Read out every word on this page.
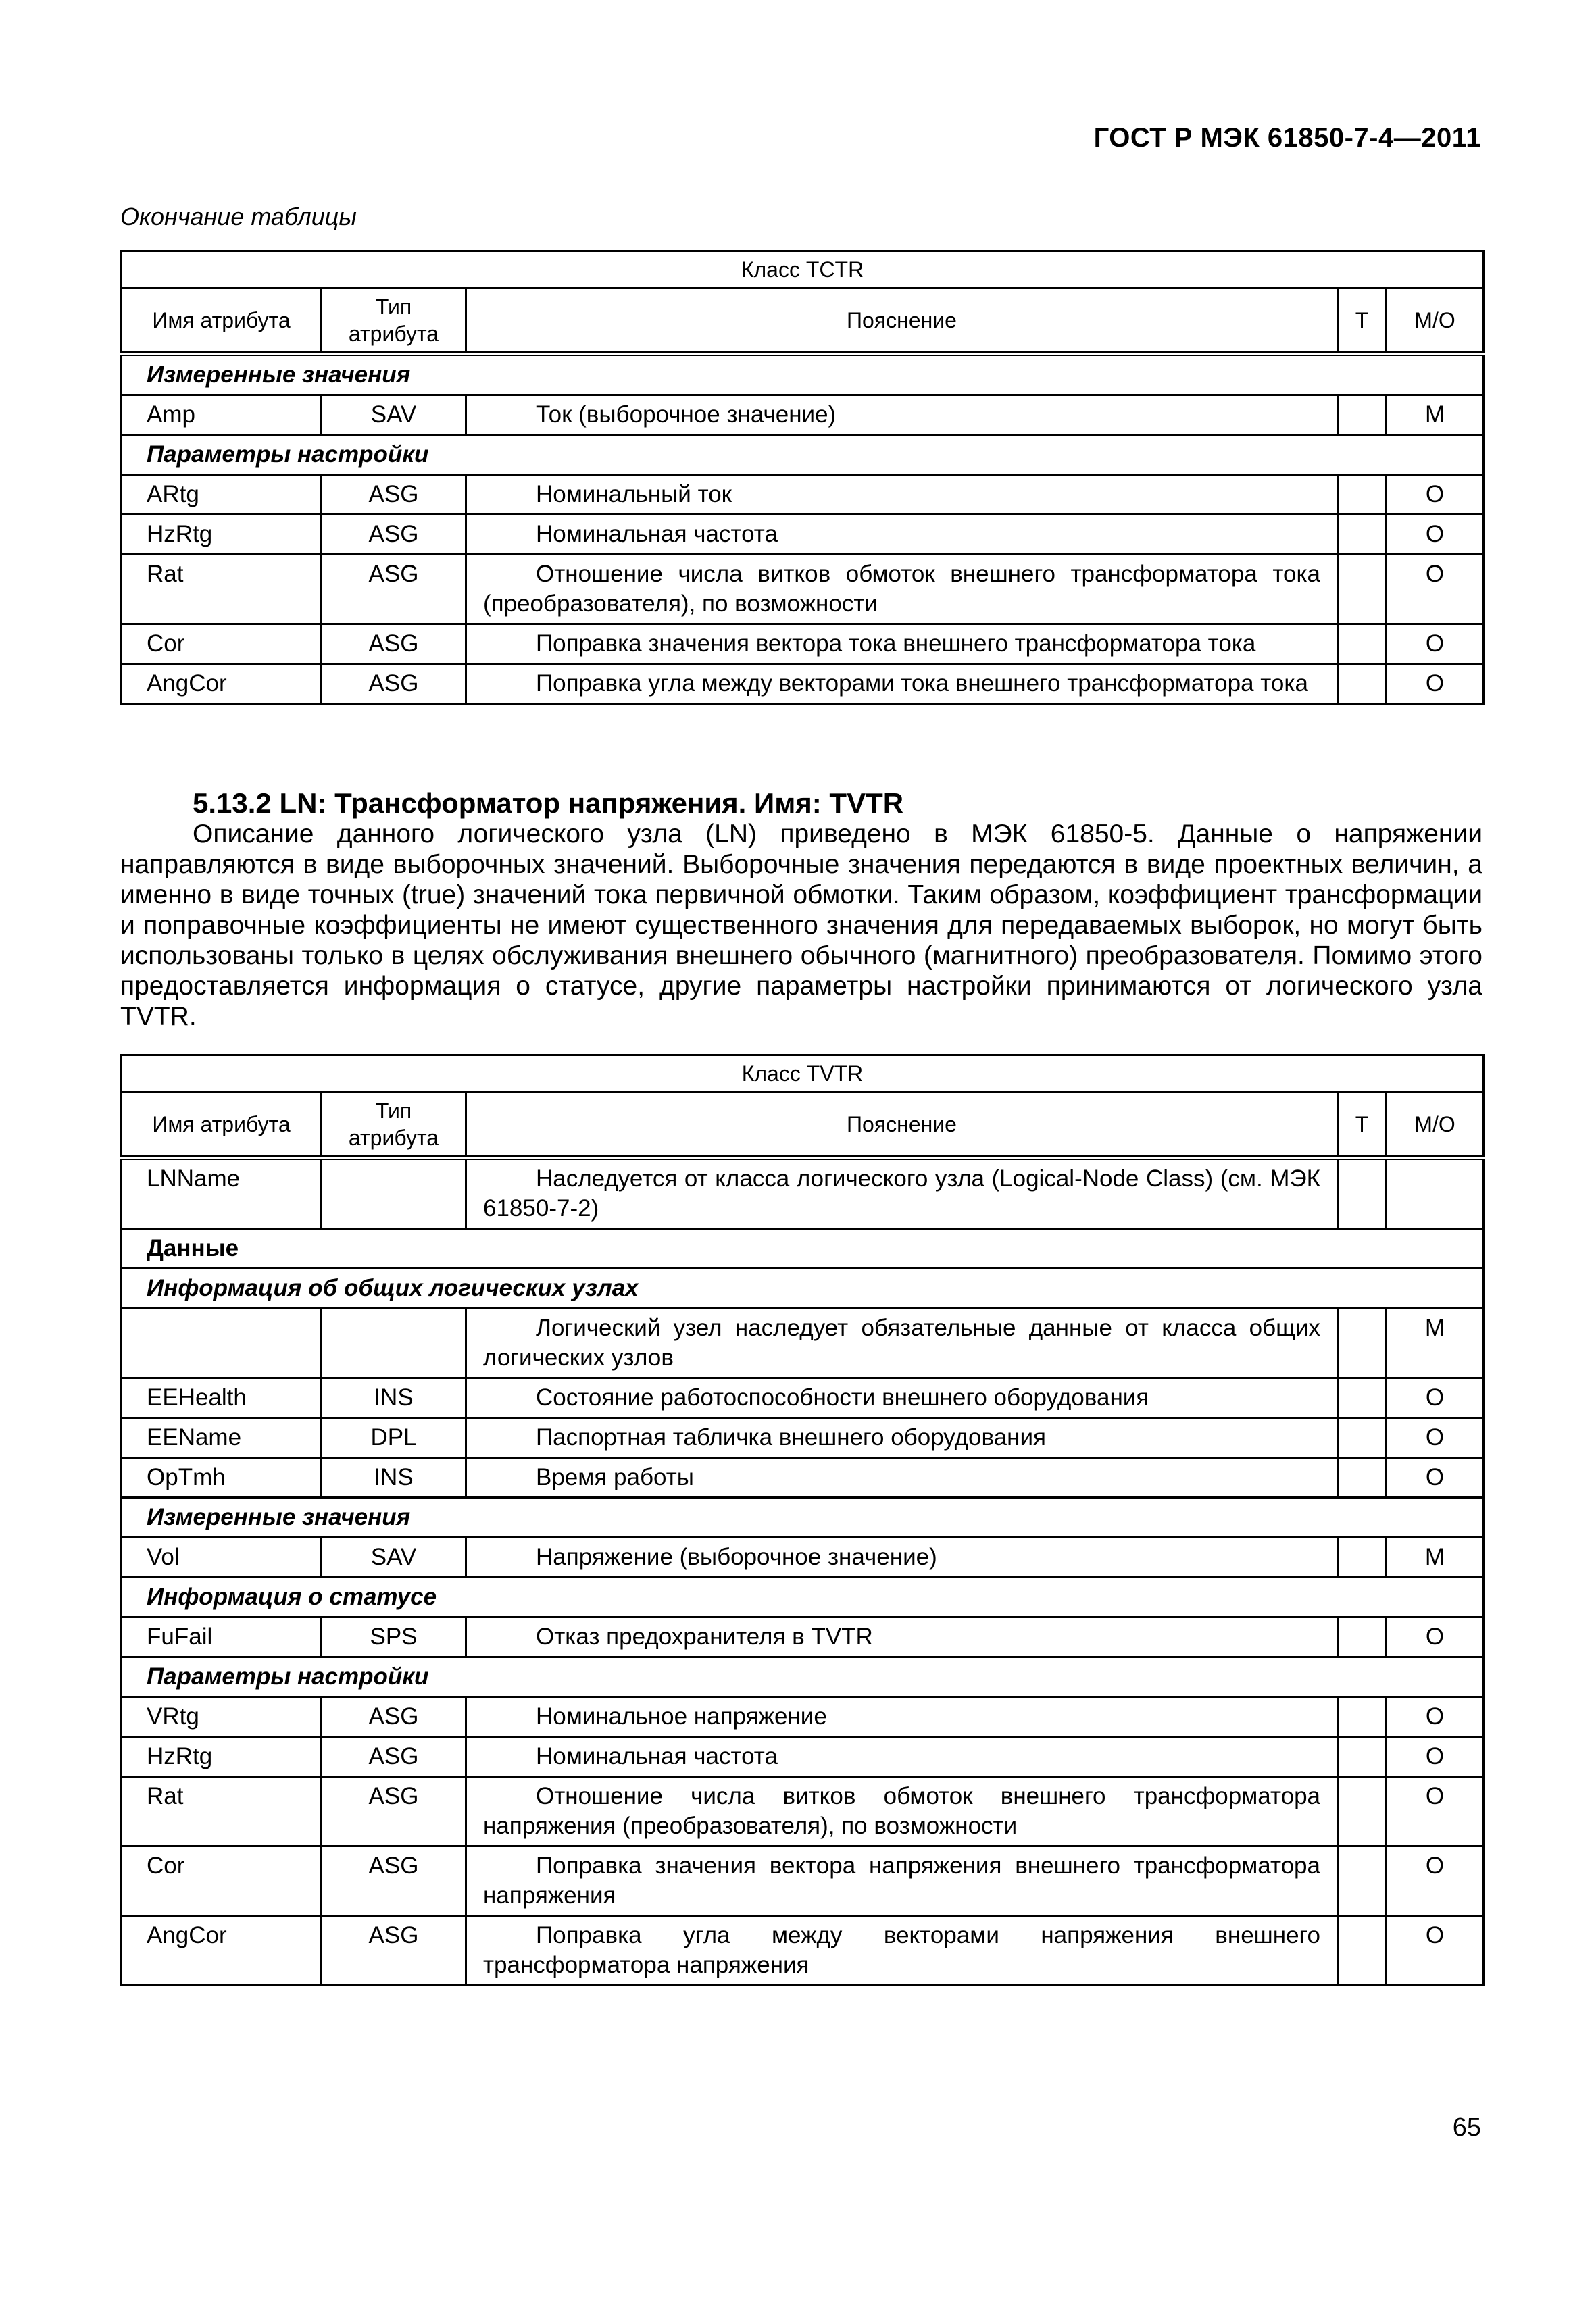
ГОСТ Р МЭК 61850-7-4—2011
Окончание таблицы
Класс TCTR				
Имя атрибута	Тип атрибута	Пояснение	T	M/O
Измеренные значения				
Amp	SAV	Ток (выборочное значение)		M
Параметры настройки				
ARtg	ASG	Номинальный ток		O
HzRtg	ASG	Номинальная частота		O
Rat	ASG	Отношение числа витков обмоток внешнего трансформатора тока (преобразователя), по возможности		O
Cor	ASG	Поправка значения вектора тока внешнего трансформатора тока		O
AngCor	ASG	Поправка угла между векторами тока внешнего трансформатора тока		O
5.13.2 LN: Трансформатор напряжения. Имя: TVTR

Описание данного логического узла (LN) приведено в МЭК 61850-5. Данные о напряжении направляются в виде выборочных значений. Выборочные значения передаются в виде проектных величин, а именно в виде точных (true) значений тока первичной обмотки. Таким образом, коэффициент трансформации и поправочные коэффициенты не имеют существенного значения для передаваемых выборок, но могут быть использованы только в целях обслуживания внешнего обычного (магнитного) преобразователя. Помимо этого предоставляется информация о статусе, другие параметры настройки принимаются от логического узла TVTR.

Класс TVTR				
Имя атрибута	Тип атрибута	Пояснение	T	M/O
LNName		Наследуется от класса логического узла (Logical-Node Class) (см. МЭК 61850-7-2)		
Данные				
Информация об общих логических узлах				
		Логический узел наследует обязательные данные от класса общих логических узлов		M
EEHealth	INS	Состояние работоспособности внешнего оборудования		O
EEName	DPL	Паспортная табличка внешнего оборудования		O
OpTmh	INS	Время работы		O
Измеренные значения				
Vol	SAV	Напряжение (выборочное значение)		M
Информация о статусе				
FuFail	SPS	Отказ предохранителя в TVTR		O
Параметры настройки				
VRtg	ASG	Номинальное напряжение		O
HzRtg	ASG	Номинальная частота		O
Rat	ASG	Отношение числа витков обмоток внешнего трансформатора напряжения (преобразователя), по возможности		O
Cor	ASG	Поправка значения вектора напряжения внешнего трансформатора напряжения		O
AngCor	ASG	Поправка угла между векторами напряжения внешнего трансформатора напряжения		O
65
